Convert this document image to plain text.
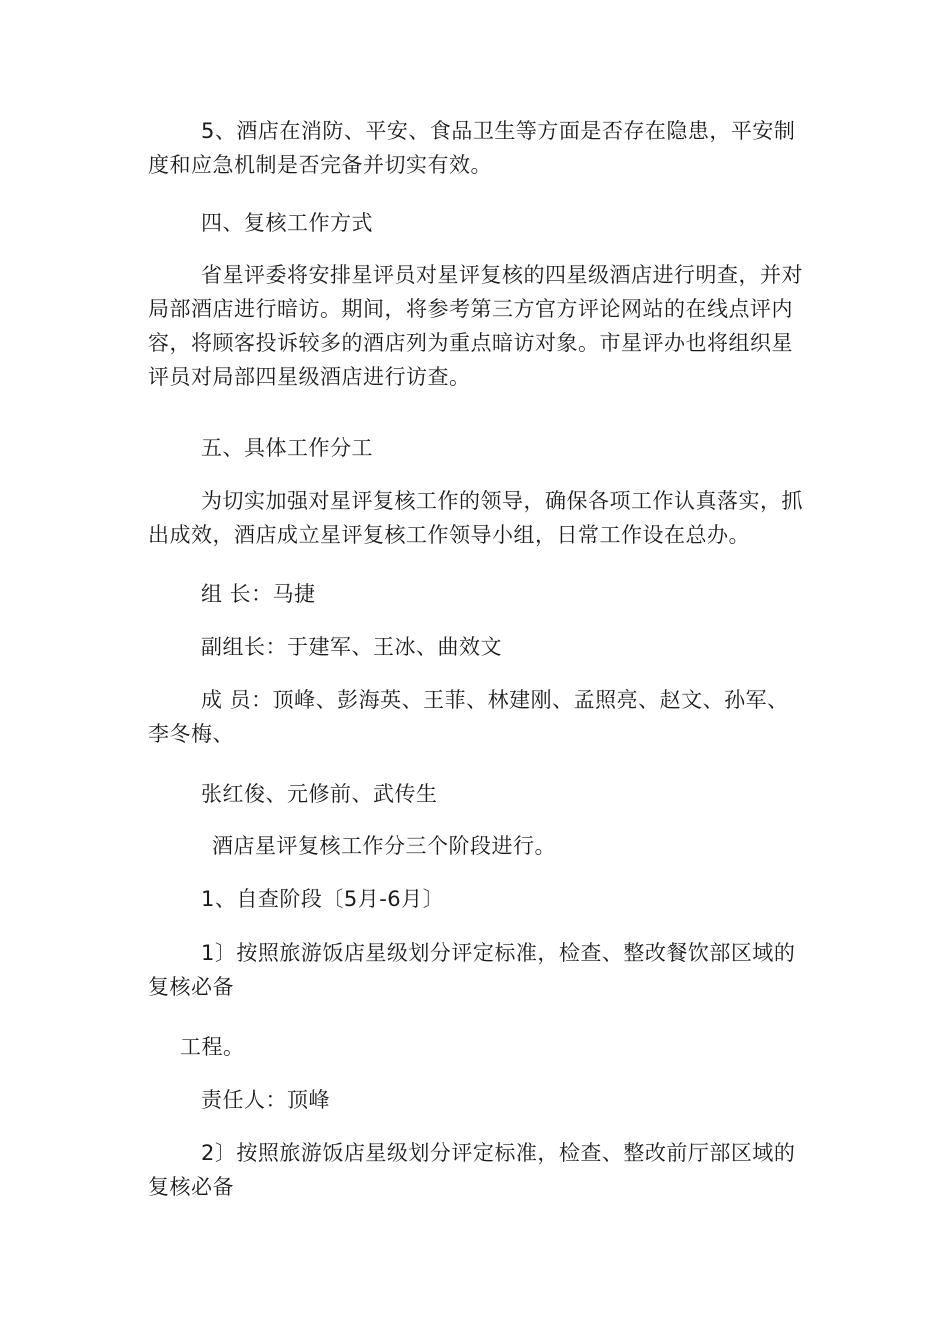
5、酒店在消防、平安、食品卫生等方面是否存在隐患，平安制度和应急机制是否完备并切实有效。
四、复核工作方式
省星评委将安排星评员对星评复核的四星级酒店进行明查，并对局部酒店进行暗访。期间，将参考第三方官方评论网站的在线点评内容，将顾客投诉较多的酒店列为重点暗访对象。市星评办也将组织星评员对局部四星级酒店进行访查。
五、具体工作分工
为切实加强对星评复核工作的领导，确保各项工作认真落实，抓出成效，酒店成立星评复核工作领导小组，日常工作设在总办。
组 长：马捷
副组长：于建军、王冰、曲效文
成 员：顶峰、彭海英、王菲、林建刚、孟照亮、赵文、孙军、李冬梅、
张红俊、元修前、武传生
酒店星评复核工作分三个阶段进行。
1、自查阶段〔5月-6月〕
1〕按照旅游饭店星级划分评定标准，检查、整改餐饮部区域的复核必备
工程。
责任人：顶峰
2〕按照旅游饭店星级划分评定标准，检查、整改前厅部区域的复核必备
